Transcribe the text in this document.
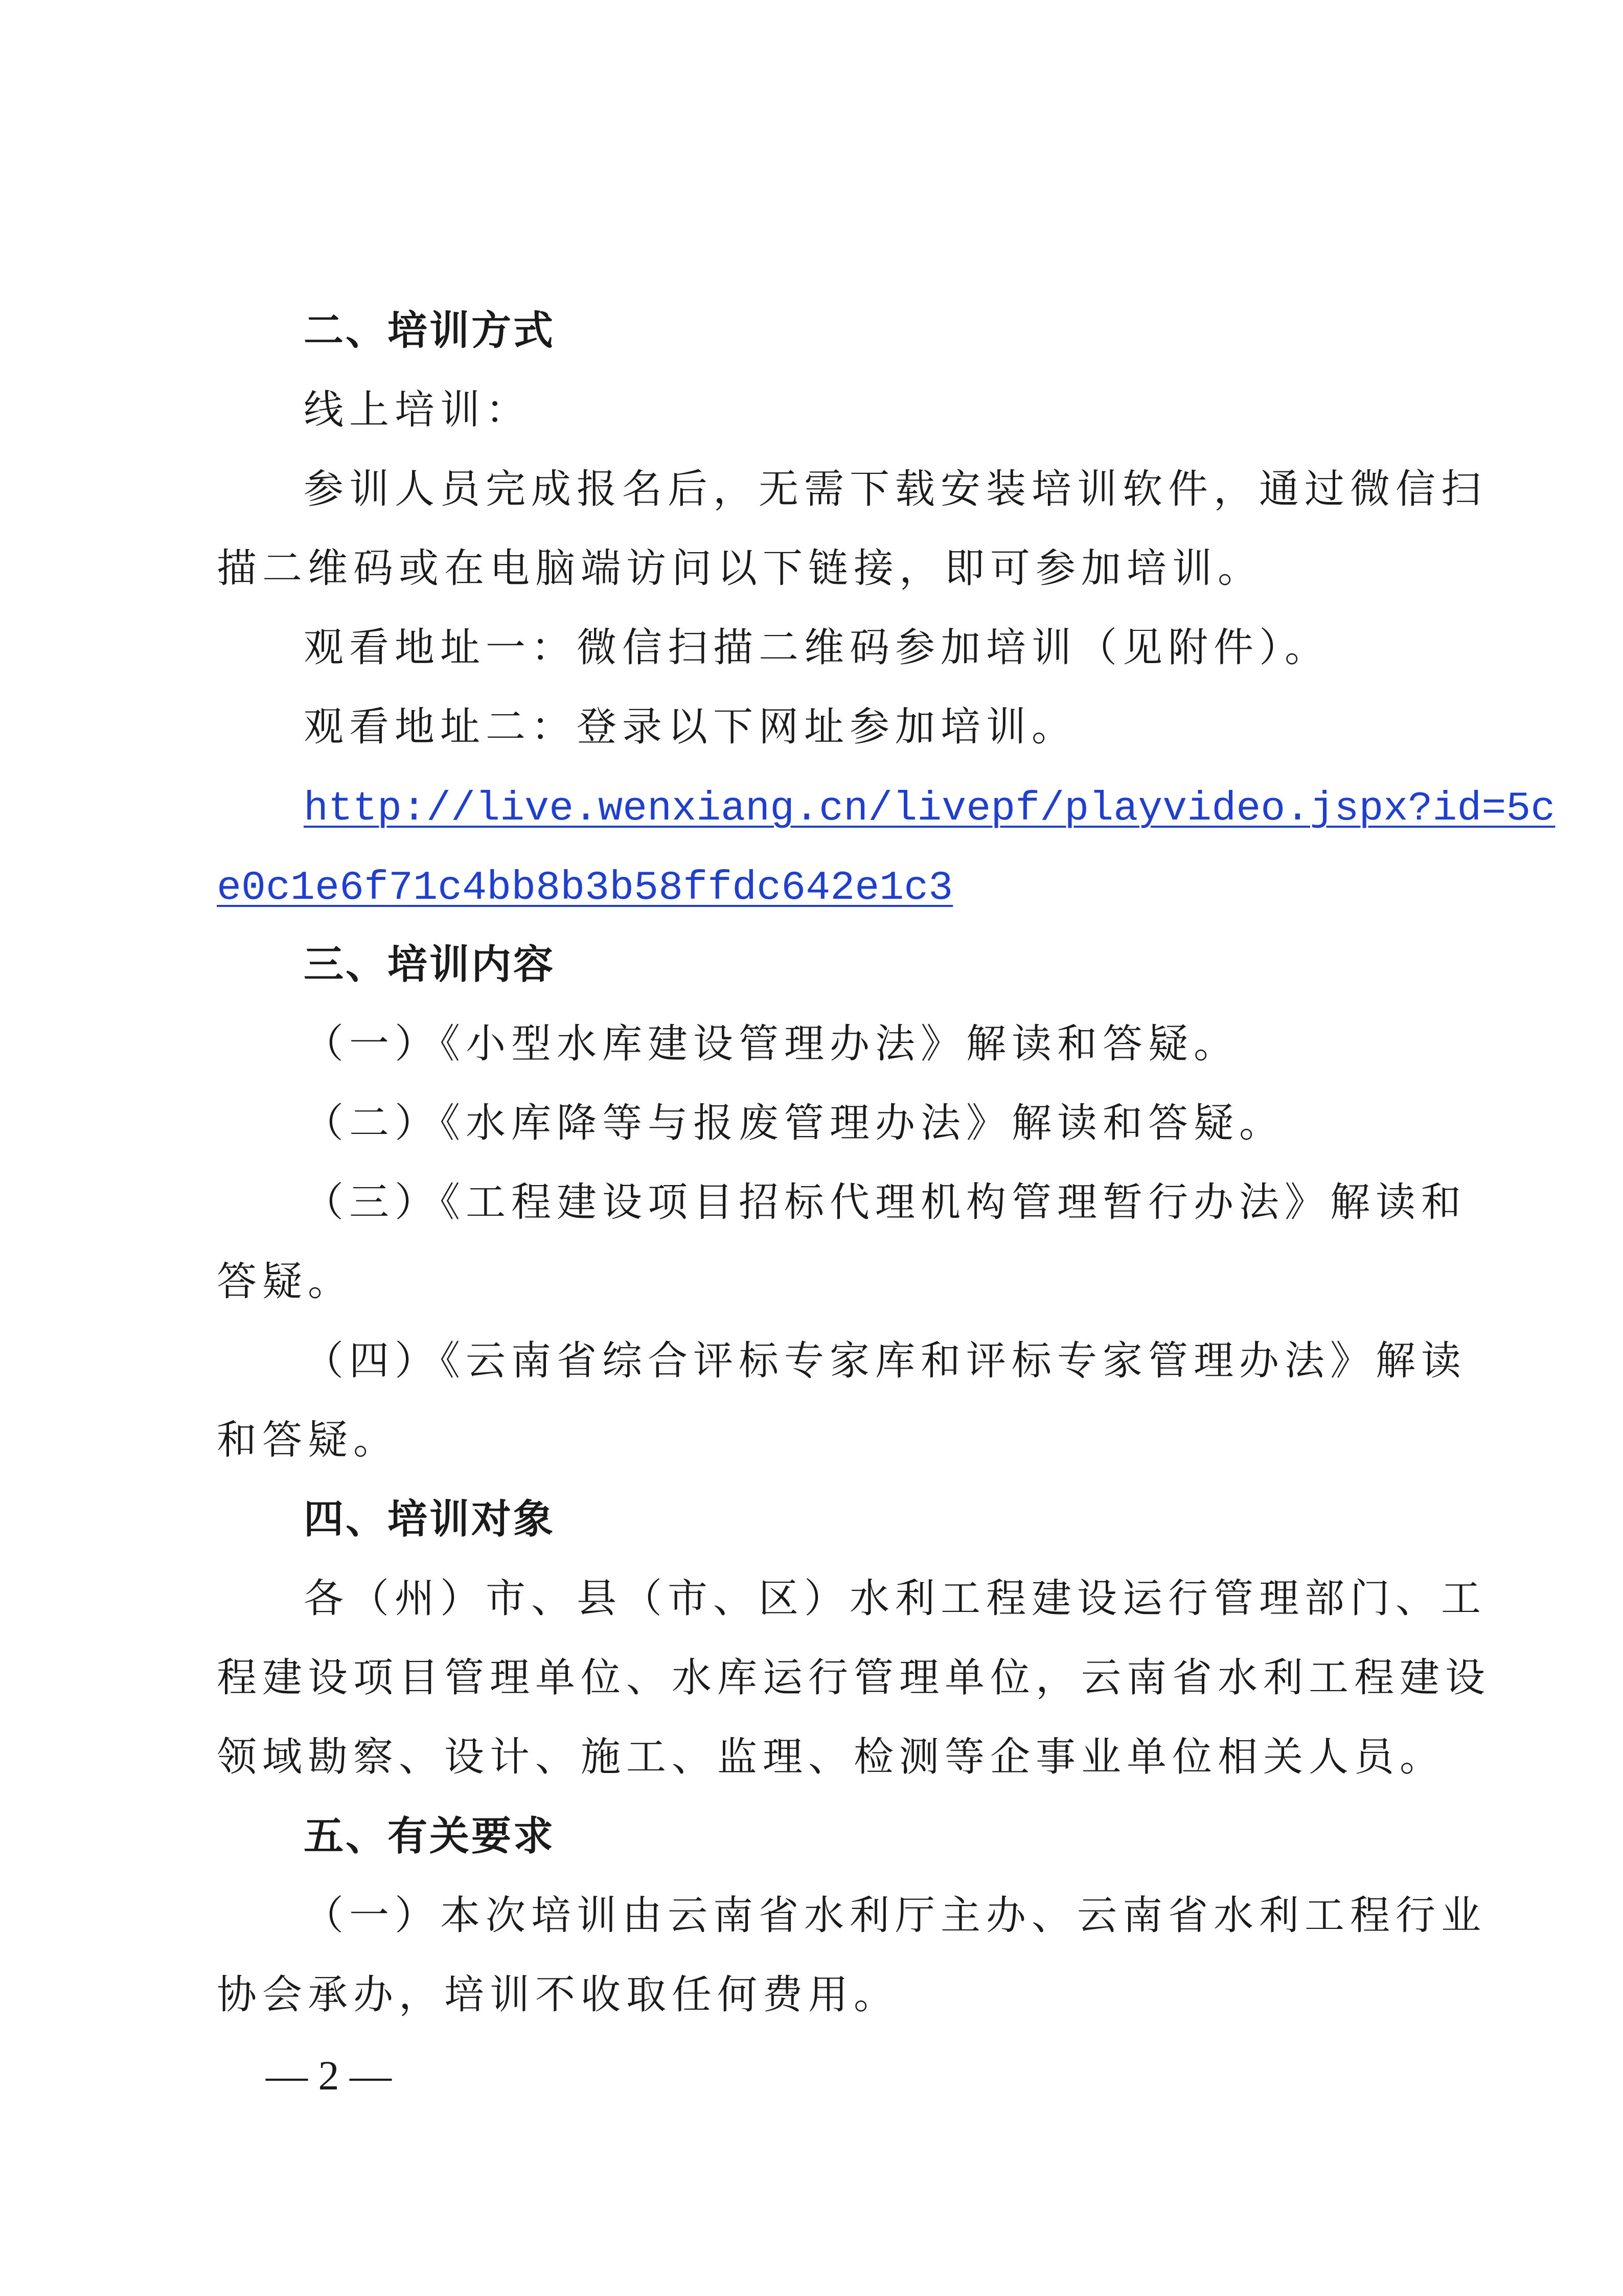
二、培训方式
线上培训：
参训人员完成报名后，无需下载安装培训软件，通过微信扫
描二维码或在电脑端访问以下链接，即可参加培训。
观看地址一：微信扫描二维码参加培训（见附件）。
观看地址二：登录以下网址参加培训。
http://live.wenxiang.cn/livepf/playvideo.jspx?id=5c
e0c1e6f71c4bb8b3b58ffdc642e1c3
三、培训内容
（一）《小型水库建设管理办法》解读和答疑。
（二）《水库降等与报废管理办法》解读和答疑。
（三）《工程建设项目招标代理机构管理暂行办法》解读和
答疑。
（四）《云南省综合评标专家库和评标专家管理办法》解读
和答疑。
四、培训对象
各（州）市、县（市、区）水利工程建设运行管理部门、工
程建设项目管理单位、水库运行管理单位，云南省水利工程建设
领域勘察、设计、施工、监理、检测等企事业单位相关人员。
五、有关要求
（一）本次培训由云南省水利厅主办、云南省水利工程行业
协会承办，培训不收取任何费用。
— 2 —
